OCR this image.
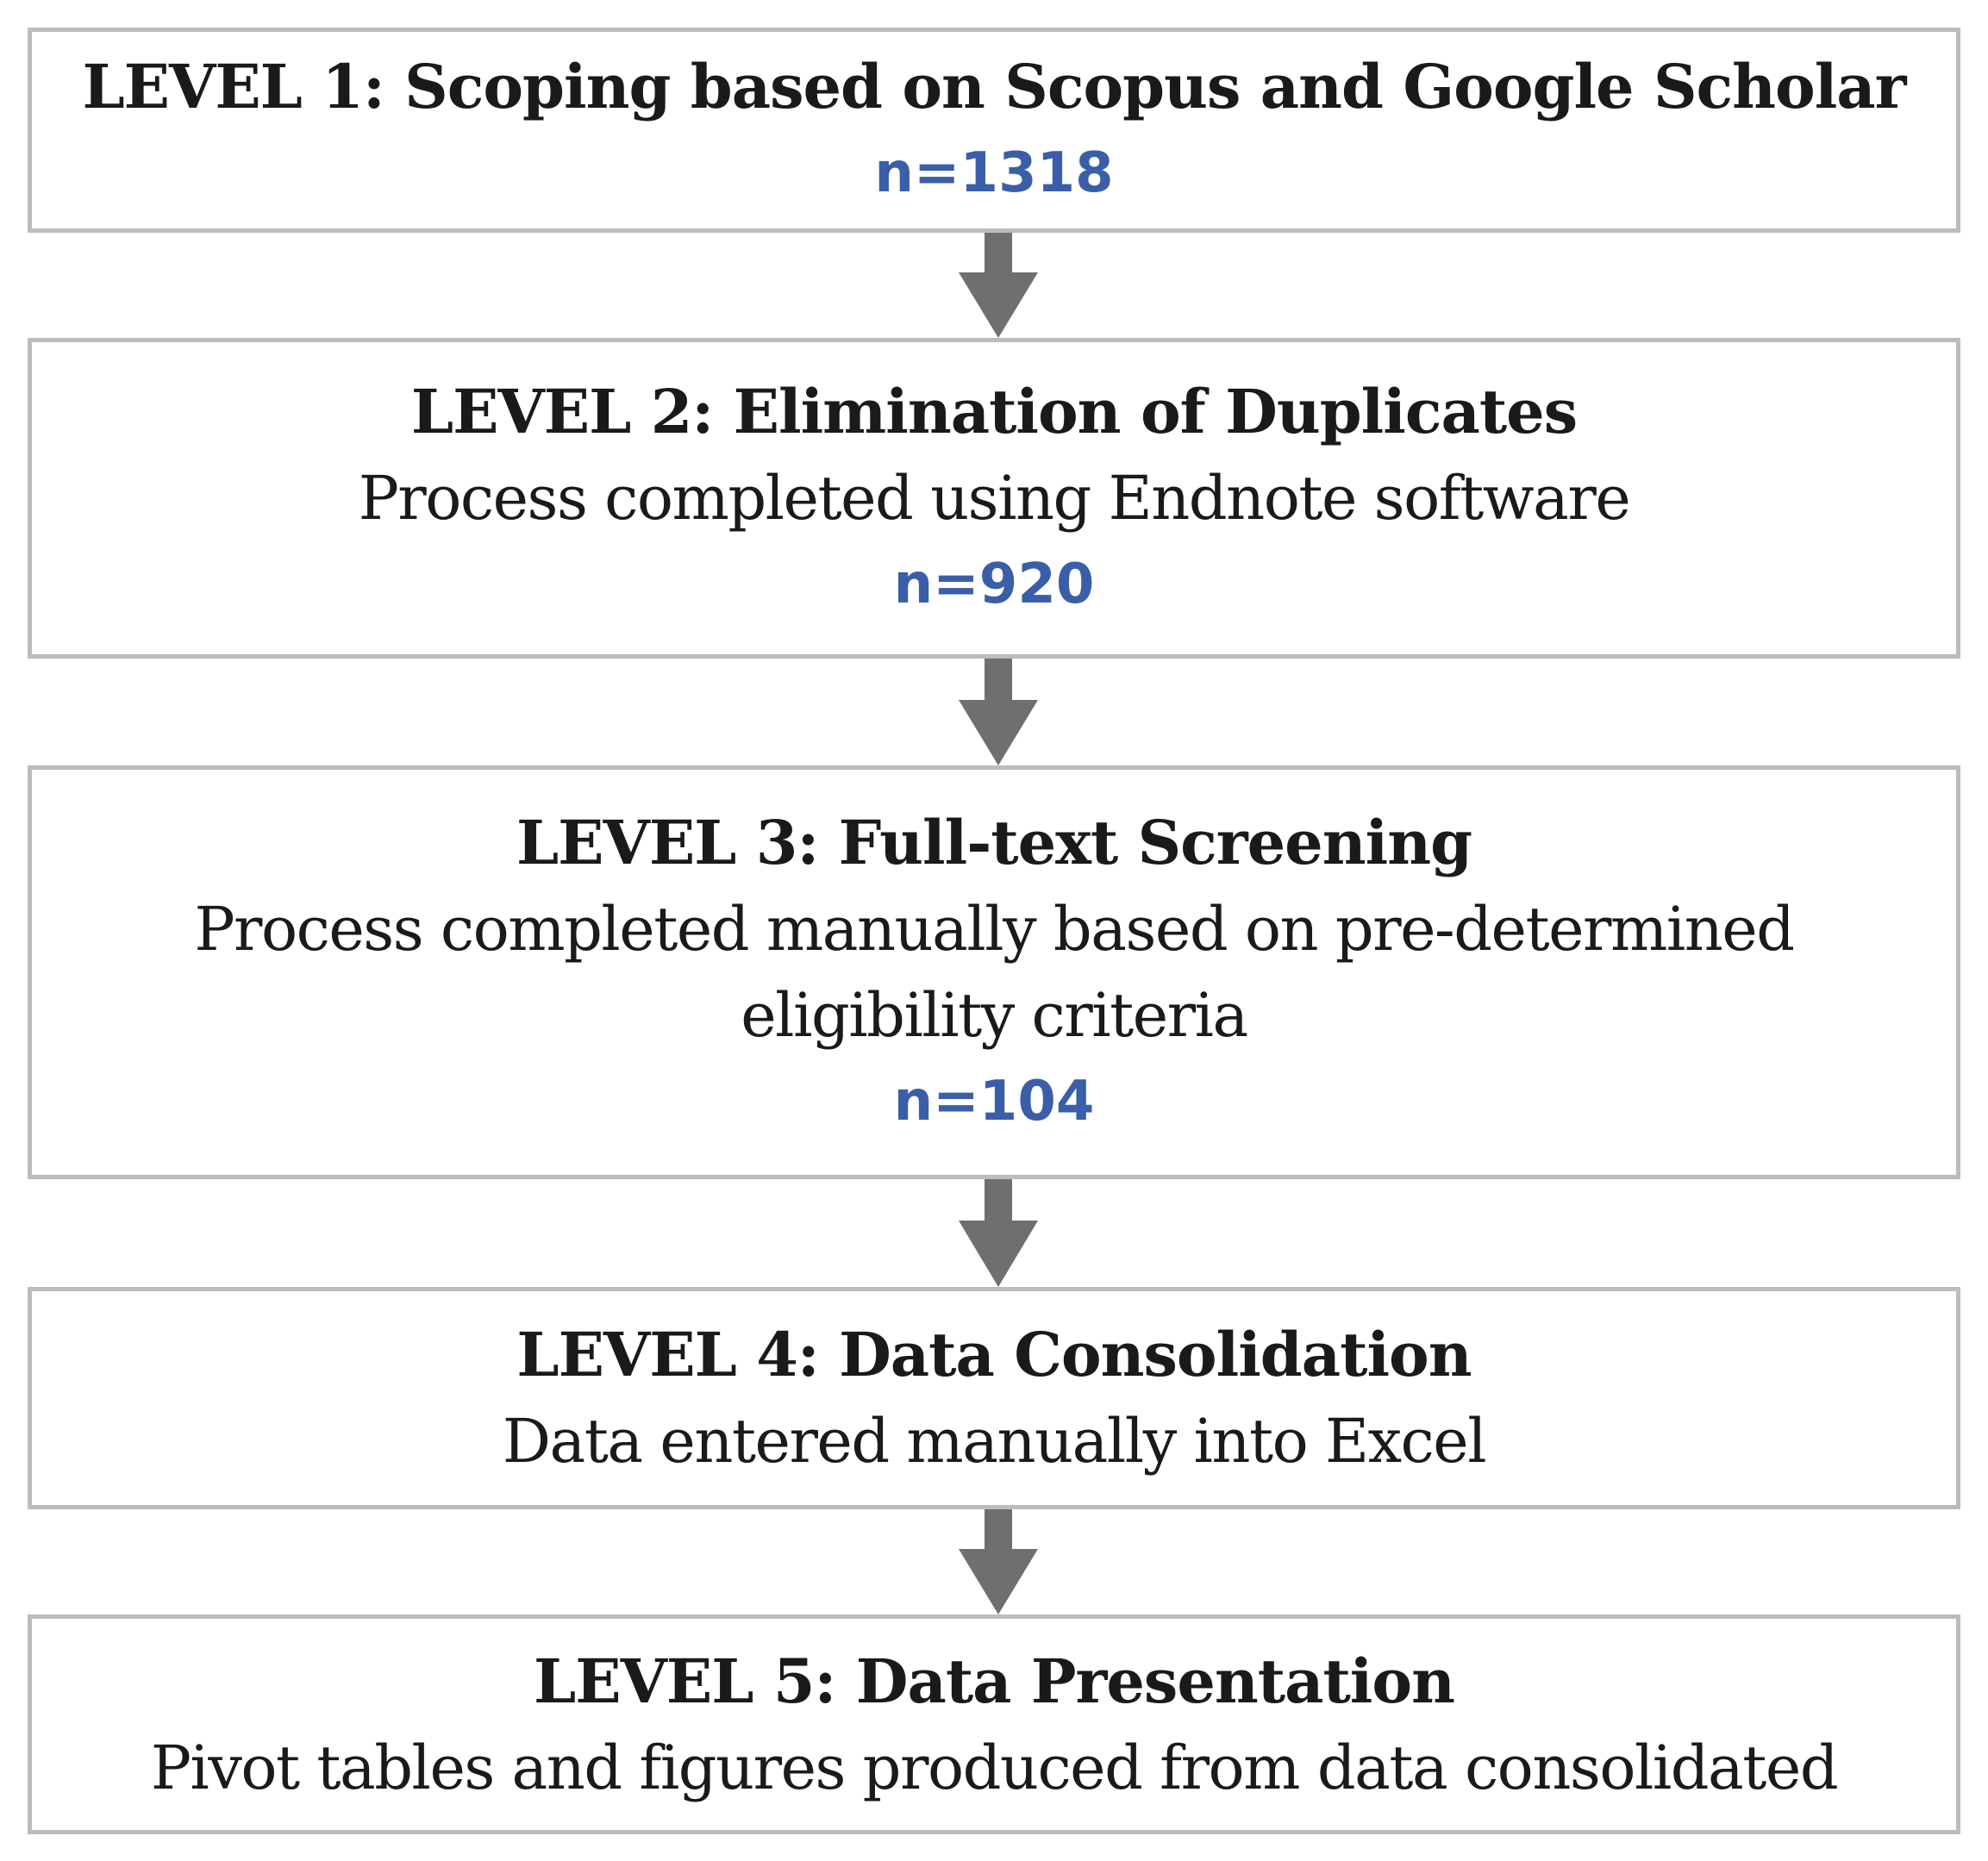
LEVEL 1: Scoping based on Scopus and Google Scholar
n=1318
LEVEL 2: Elimination of Duplicates
Process completed using Endnote software
n=920
LEVEL 3: Full-text Screening
Process completed manually based on pre-determined
eligibility criteria
n=104
LEVEL 4: Data Consolidation
Data entered manually into Excel
LEVEL 5: Data Presentation
Pivot tables and figures produced from data consolidated
